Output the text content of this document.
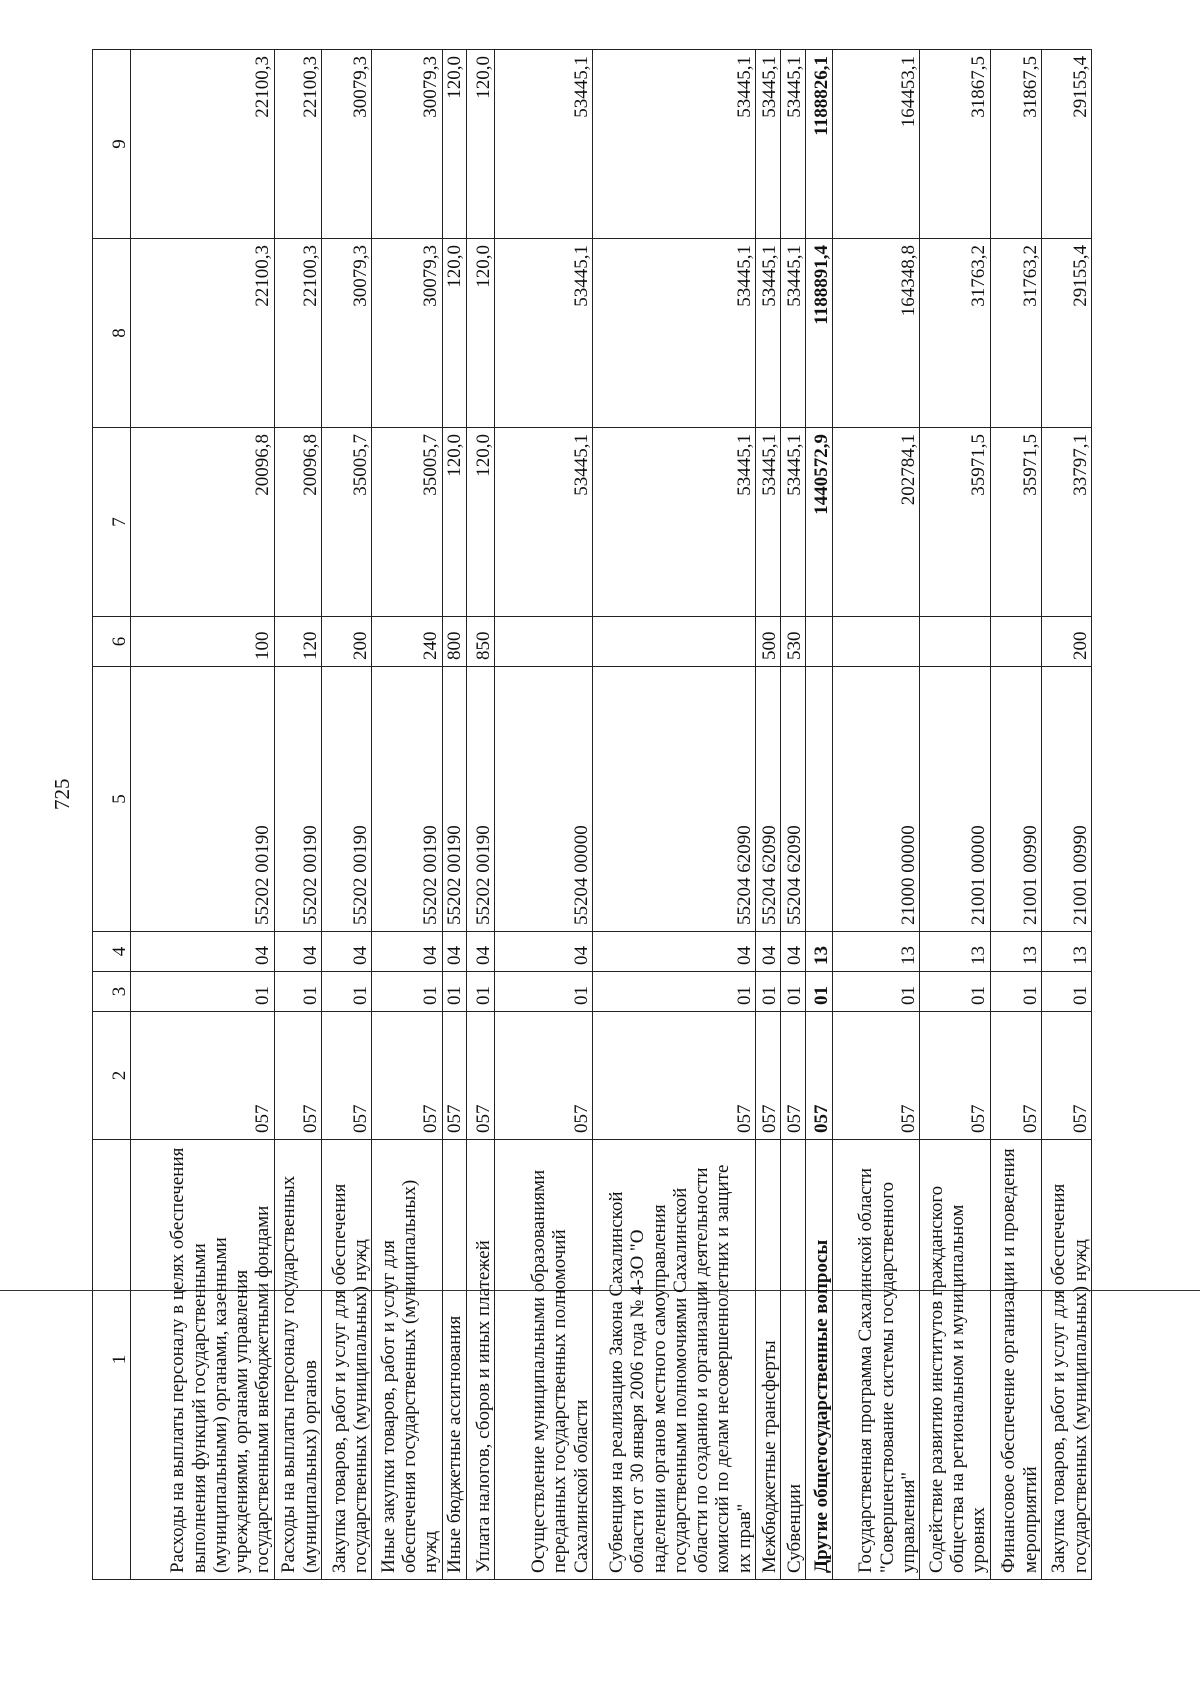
725
1	2	3	4	5	6	7	8	9
Расходы на выплаты персоналу в целях обеспечения выполнения функций государственными (муниципальными) органами, казенными учреждениями, органами управления государственными внебюджетными фондами	057	01	04	55202 00190	100	20096,8	22100,3	22100,3
Расходы на выплаты персоналу государственных (муниципальных) органов	057	01	04	55202 00190	120	20096,8	22100,3	22100,3
Закупка товаров, работ и услуг для обеспечения государственных (муниципальных) нужд	057	01	04	55202 00190	200	35005,7	30079,3	30079,3
Иные закупки товаров, работ и услуг для обеспечения государственных (муниципальных) нужд	057	01	04	55202 00190	240	35005,7	30079,3	30079,3
Иные бюджетные ассигнования	057	01	04	55202 00190	800	120,0	120,0	120,0
Уплата налогов, сборов и иных платежей	057	01	04	55202 00190	850	120,0	120,0	120,0
Осуществление муниципальными образованиями переданных государственных полномочий Сахалинской области	057	01	04	55204 00000		53445,1	53445,1	53445,1
Субвенция на реализацию Закона Сахалинской области от 30 января 2006 года № 4-ЗО "О наделении органов местного самоуправления государственными полномочиями Сахалинской области по созданию и организации деятельности комиссий по делам несовершеннолетних и защите их прав"	057	01	04	55204 62090		53445,1	53445,1	53445,1
Межбюджетные трансферты	057	01	04	55204 62090	500	53445,1	53445,1	53445,1
Субвенции	057	01	04	55204 62090	530	53445,1	53445,1	53445,1
Другие общегосударственные вопросы	057	01	13			1440572,9	1188891,4	1188826,1
Государственная программа Сахалинской области "Совершенствование системы государственного управления"	057	01	13	21000 00000		202784,1	164348,8	164453,1
Содействие развитию институтов гражданского общества на региональном и муниципальном уровнях	057	01	13	21001 00000		35971,5	31763,2	31867,5
Финансовое обеспечение организации и проведения мероприятий	057	01	13	21001 00990		35971,5	31763,2	31867,5
Закупка товаров, работ и услуг для обеспечения государственных (муниципальных) нужд	057	01	13	21001 00990	200	33797,1	29155,4	29155,4
